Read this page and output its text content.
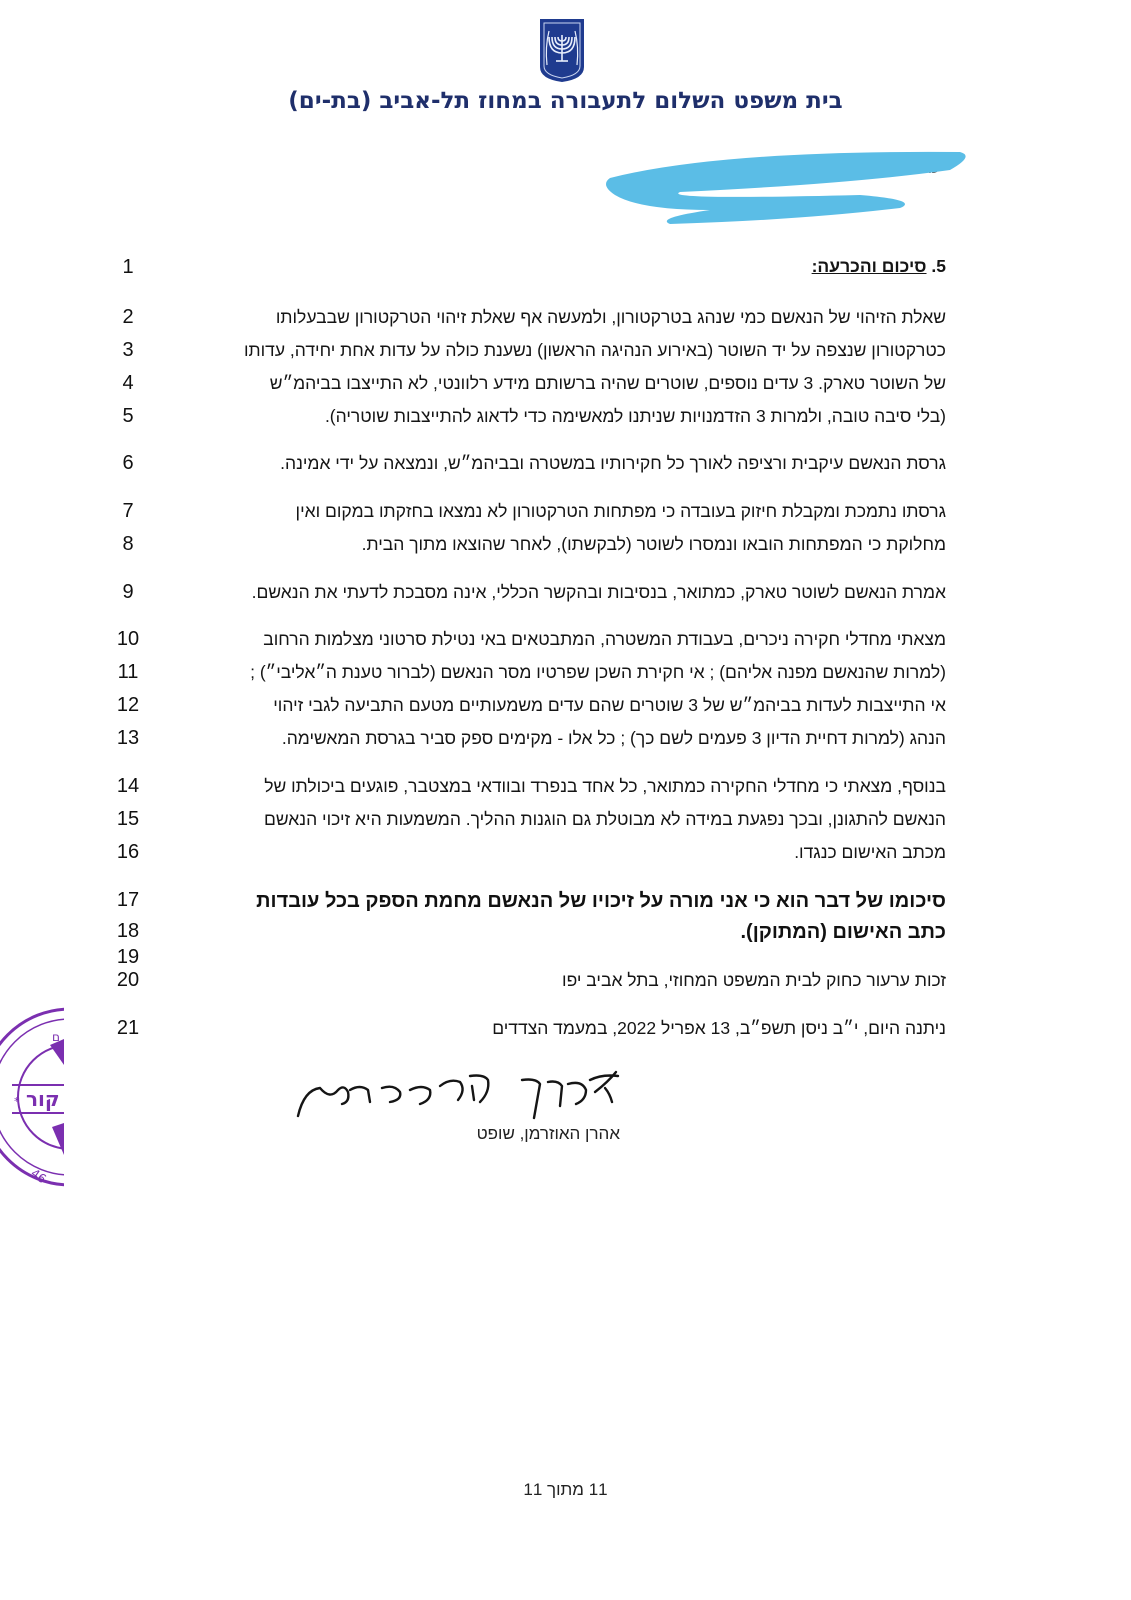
בית משפט השלום לתעבורה במחוז תל-אביב (בת-ים)
1
2
3
4
5
6
7
8
9
10
11
12
13
14
15
16
17
18
19
20
21
5. סיכום והכרעה:
שאלת הזיהוי של הנאשם כמי שנהג בטרקטורון, ולמעשה אף שאלת זיהוי הטרקטורון שבבעלותו
כטרקטורון שנצפה על יד השוטר (באירוע הנהיגה הראשון) נשענת כולה על עדות אחת יחידה, עדותו
של השוטר טארק. 3 עדים נוספים, שוטרים שהיה ברשותם מידע רלוונטי, לא התייצבו בביהמ״ש
(בלי סיבה טובה, ולמרות 3 הזדמנויות שניתנו למאשימה כדי לדאוג להתייצבות שוטריה).
גרסת הנאשם עיקבית ורציפה לאורך כל חקירותיו במשטרה ובביהמ״ש, ונמצאה על ידי אמינה.
גרסתו נתמכת ומקבלת חיזוק בעובדה כי מפתחות הטרקטורון לא נמצאו בחזקתו במקום ואין
מחלוקת כי המפתחות הובאו ונמסרו לשוטר (לבקשתו), לאחר שהוצאו מתוך הבית.
אמרת הנאשם לשוטר טארק, כמתואר, בנסיבות ובהקשר הכללי, אינה מסבכת לדעתי את הנאשם.
מצאתי מחדלי חקירה ניכרים, בעבודת המשטרה, המתבטאים באי נטילת סרטוני מצלמות הרחוב
(למרות שהנאשם מפנה אליהם) ; אי חקירת השכן שפרטיו מסר הנאשם (לברור טענת ה״אליבי״) ;
אי התייצבות לעדות בביהמ״ש של 3 שוטרים שהם עדים משמעותיים מטעם התביעה לגבי זיהוי
הנהג (למרות דחיית הדיון 3 פעמים לשם כך) ; כל אלו - מקימים ספק סביר בגרסת המאשימה.
בנוסף, מצאתי כי מחדלי החקירה כמתואר, כל אחד בנפרד ובוודאי במצטבר, פוגעים ביכולתו של
הנאשם להתגונן, ובכך נפגעת במידה לא מבוטלת גם הוגנות ההליך. המשמעות היא זיכוי הנאשם
מכתב האישום כנגדו.
סיכומו של דבר הוא כי אני מורה על זיכויו של הנאשם מחמת הספק בכל עובדות
כתב האישום (המתוקן).
זכות ערעור כחוק לבית המשפט המחוזי, בתל אביב יפו
ניתנה היום, י״ב ניסן תשפ״ב, 13 אפריל 2022, במעמד הצדדים
* קור
ם
46
אהרן האוזרמן, שופט
11 מתוך 11
